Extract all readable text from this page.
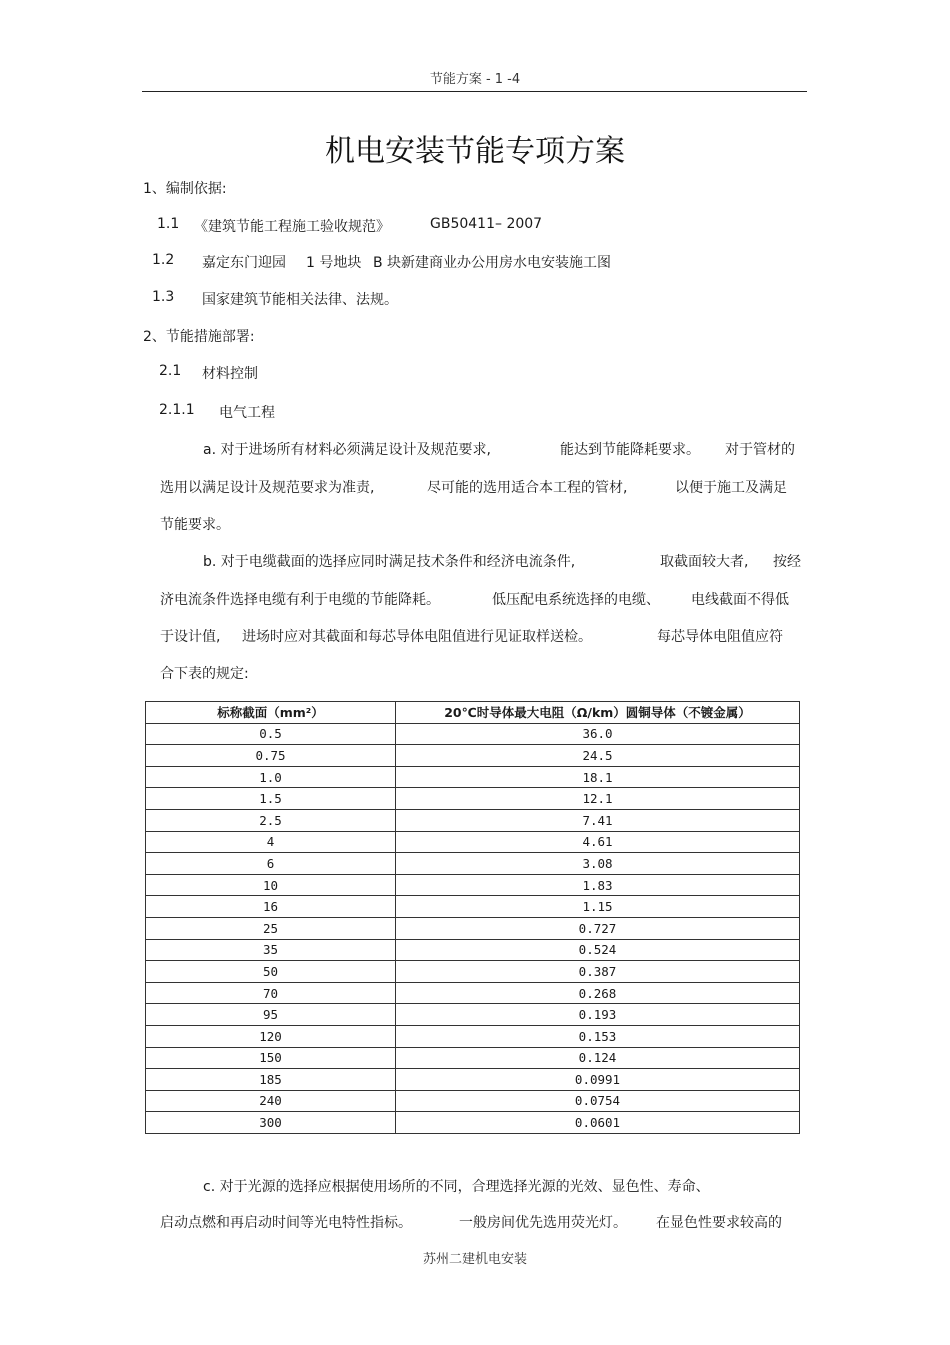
节能方案 - 1 -4
机电安装节能专项方案
1、编制依据:
1.1 《建筑节能工程施工验收规范》	GB50411– 2007
1.2 嘉定东门迎园 1 号地块 B 块新建商业办公用房水电安装施工图
1.3 国家建筑节能相关法律、法规。
2、节能措施部署:
2.1 材料控制
2.1.1 电气工程
a. 对于进场所有材料必须满足设计及规范要求,	能达到节能降耗要求。 对于管材的
选用以满足设计及规范要求为准责,	尽可能的选用适合本工程的管材,	以便于施工及满足
节能要求。
b. 对于电缆截面的选择应同时满足技术条件和经济电流条件,	取截面较大者, 按经
济电流条件选择电缆有利于电缆的节能降耗。	低压配电系统选择的电缆、 电线截面不得低
于设计值, 进场时应对其截面和每芯导体电阻值进行见证取样送检。	每芯导体电阻值应符
合下表的规定:
标称截面（mm²）	20℃时导体最大电阻（Ω/km）圆铜导体（不镀金属）
0.5	36.0
0.75	24.5
1.0	18.1
1.5	12.1
2.5	7.41
4	4.61
6	3.08
10	1.83
16	1.15
25	0.727
35	0.524
50	0.387
70	0.268
95	0.193
120	0.153
150	0.124
185	0.0991
240	0.0754
300	0.0601
c. 对于光源的选择应根据使用场所的不同，合理选择光源的光效、显色性、寿命、
启动点燃和再启动时间等光电特性指标。	一般房间优先选用荧光灯。 在显色性要求较高的
苏州二建机电安装
